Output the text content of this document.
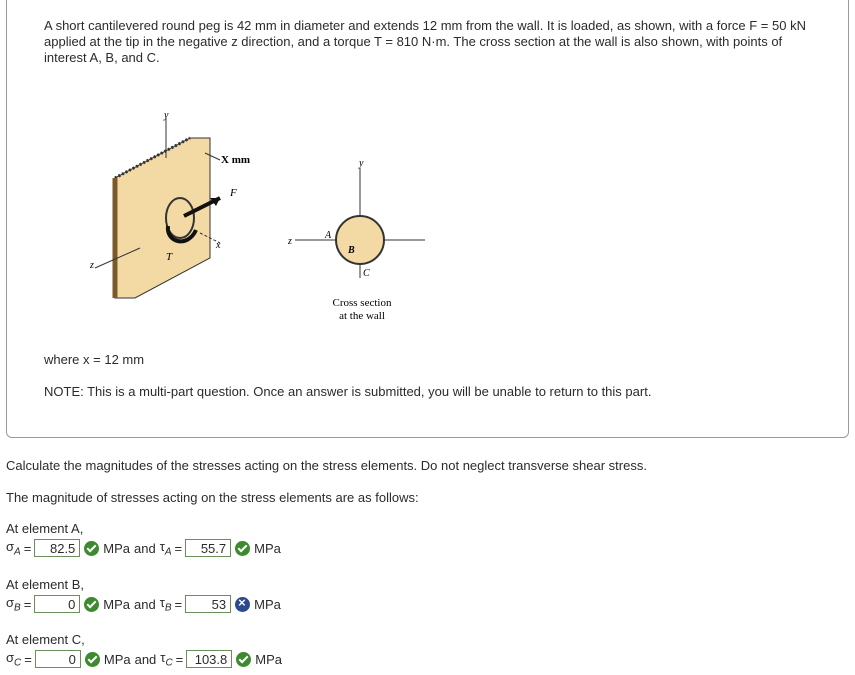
A short cantilevered round peg is 42 mm in diameter and extends 12 mm from the wall. It is loaded, as shown, with a force F = 50 kN applied at the tip in the negative z direction, and a torque T = 810 N·m. The cross section at the wall is also shown, with points of interest A, B, and C.
X mm
F
T
x
y
z
y
z
A
B
C
Cross section
at the wall
where x = 12 mm
NOTE: This is a multi-part question. Once an answer is submitted, you will be unable to return to this part.
Calculate the magnitudes of the stresses acting on the stress elements. Do not neglect transverse shear stress.
The magnitude of stresses acting on the stress elements are as follows:
At element A,
$\sigma_A$ =	82.5	MPa and $\tau_A$ =	55.7	MPa
At element B,
$\sigma_B$ =	0	MPa and $\tau_B$ =	53
×	MPa
At element C,
$\sigma_C$ =	0	MPa and $\tau_C = 103.8$	MPa
